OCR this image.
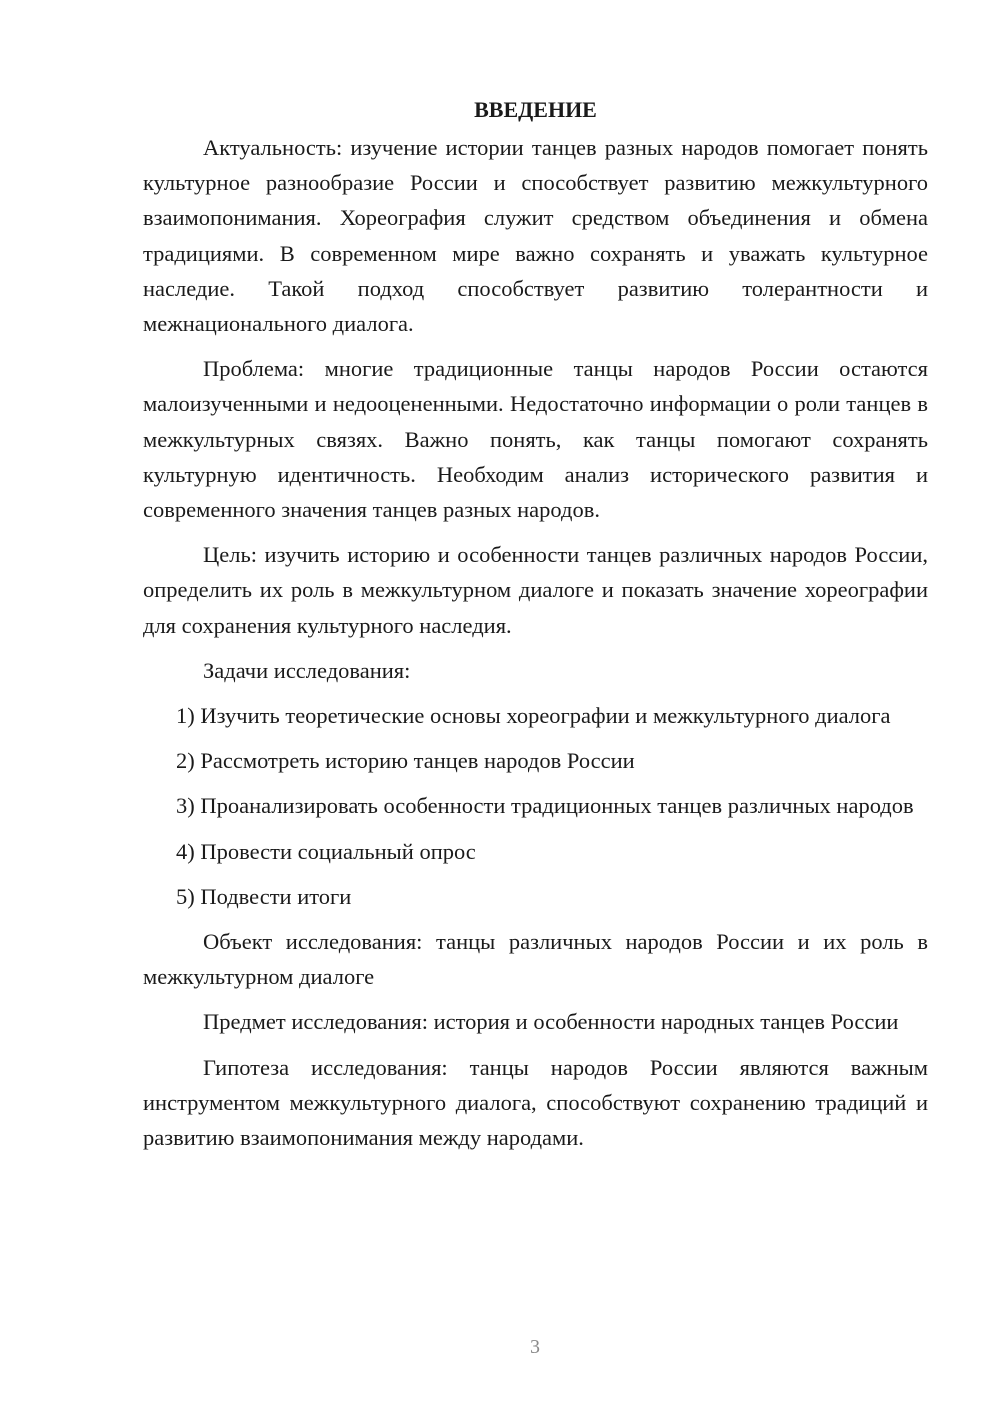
ВВЕДЕНИЕ

Актуальность: изучение истории танцев разных народов помогает понять культурное разнообразие России и способствует развитию межкультурного взаимопонимания. Хореография служит средством объединения и обмена традициями. В современном мире важно сохранять и уважать культурное наследие. Такой подход способствует развитию толерантности и межнационального диалога.

Проблема: многие традиционные танцы народов России остаются малоизученными и недооцененными. Недостаточно информации о роли танцев в межкультурных связях. Важно понять, как танцы помогают сохранять культурную идентичность. Необходим анализ исторического развития и современного значения танцев разных народов.

Цель: изучить историю и особенности танцев различных народов России, определить их роль в межкультурном диалоге и показать значение хореографии для сохранения культурного наследия.

Задачи исследования:

1) Изучить теоретические основы хореографии и межкультурного диалога

2) Рассмотреть историю танцев народов России

3) Проанализировать особенности традиционных танцев различных народов

4) Провести социальный опрос

5) Подвести итоги

Объект исследования: танцы различных народов России и их роль в межкультурном диалоге

Предмет исследования: история и особенности народных танцев России

Гипотеза исследования: танцы народов России являются важным инструментом межкультурного диалога, способствуют сохранению традиций и развитию взаимопонимания между народами.

3
